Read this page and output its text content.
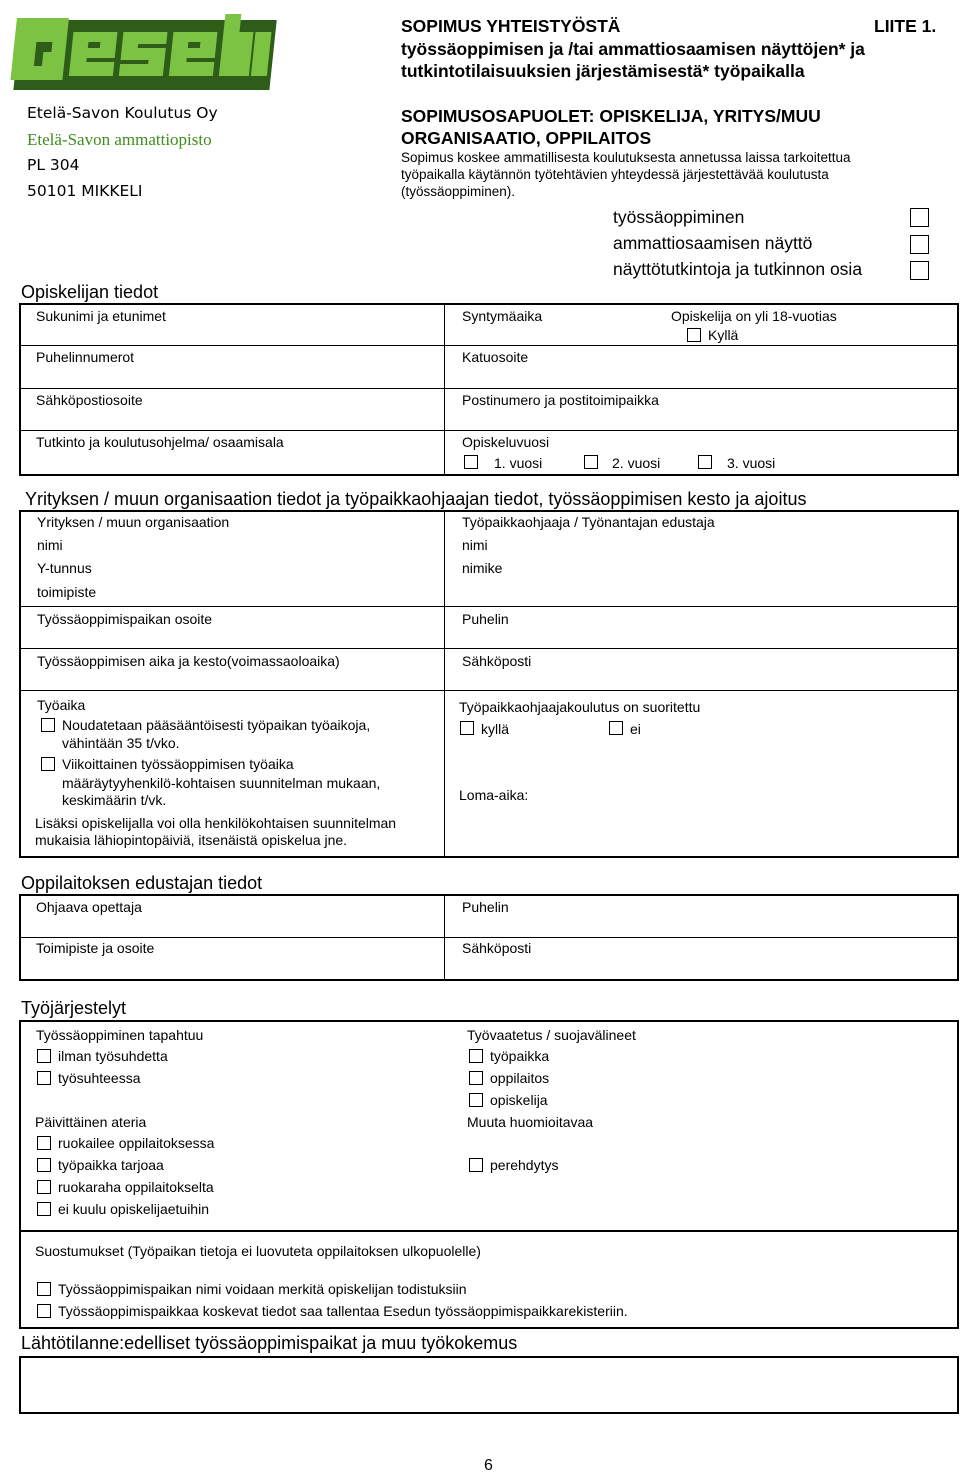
Etelä-Savon Koulutus Oy
Etelä-Savon ammattiopisto
PL 304
50101 MIKKELI
SOPIMUS YHTEISTYÖSTÄ	LIITE 1.
työssäoppimisen ja /tai ammattiosaamisen näyttöjen* ja
tutkintotilaisuuksien järjestämisestä* työpaikalla
SOPIMUSOSAPUOLET: OPISKELIJA, YRITYS/MUU
ORGANISAATIO, OPPILAITOS
Sopimus koskee ammatillisesta koulutuksesta annetussa laissa tarkoitettua
työpaikalla käytännön työtehtävien yhteydessä järjestettävää koulutusta
(työssäoppiminen).
työssäoppiminen
ammattiosaamisen näyttö
näyttötutkintoja ja tutkinnon osia
Opiskelijan tiedot
Sukunimi ja etunimet	Syntymäaika	Opiskelija on yli 18-vuotias
Kyllä
Puhelinnumerot	Katuosoite
Sähköpostiosoite	Postinumero ja postitoimipaikka
Tutkinto ja koulutusohjelma/ osaamisala	Opiskeluvuosi
1. vuosi	2. vuosi	3. vuosi
Yrityksen / muun organisaation tiedot ja työpaikkaohjaajan tiedot, työssäoppimisen kesto ja ajoitus
Yrityksen / muun organisaation
nimi
Y-tunnus
toimipiste
Työpaikkaohjaaja / Työnantajan edustaja
nimi
nimike
Työssäoppimispaikan osoite	Puhelin
Työssäoppimisen aika ja kesto(voimassaoloaika)	Sähköposti
Työaika
Noudatetaan pääsääntöisesti työpaikan työaikoja,
vähintään 35 t/vko.
Viikoittainen työssäoppimisen työaika
määräytyyhenkilö-kohtaisen suunnitelman mukaan,
keskimäärin t/vk.
Lisäksi opiskelijalla voi olla henkilökohtaisen suunnitelman
mukaisia lähiopintopäiviä, itsenäistä opiskelua jne.
Työpaikkaohjaajakoulutus on suoritettu
kyllä	ei
Loma-aika:
Oppilaitoksen edustajan tiedot
Ohjaava opettaja	Puhelin
Toimipiste ja osoite	Sähköposti
Työjärjestelyt
Työssäoppiminen tapahtuu
ilman työsuhdetta
työsuhteessa
Päivittäinen ateria
ruokailee oppilaitoksessa
työpaikka tarjoaa
ruokaraha oppilaitokselta
ei kuulu opiskelijaetuihin
Työvaatetus / suojavälineet
työpaikka
oppilaitos
opiskelija
Muuta huomioitavaa
perehdytys
Suostumukset (Työpaikan tietoja ei luovuteta oppilaitoksen ulkopuolelle)
Työssäoppimispaikan nimi voidaan merkitä opiskelijan todistuksiin
Työssäoppimispaikkaa koskevat tiedot saa tallentaa Esedun työssäoppimispaikkarekisteriin.
Lähtötilanne:edelliset työssäoppimispaikat ja muu työkokemus
6
